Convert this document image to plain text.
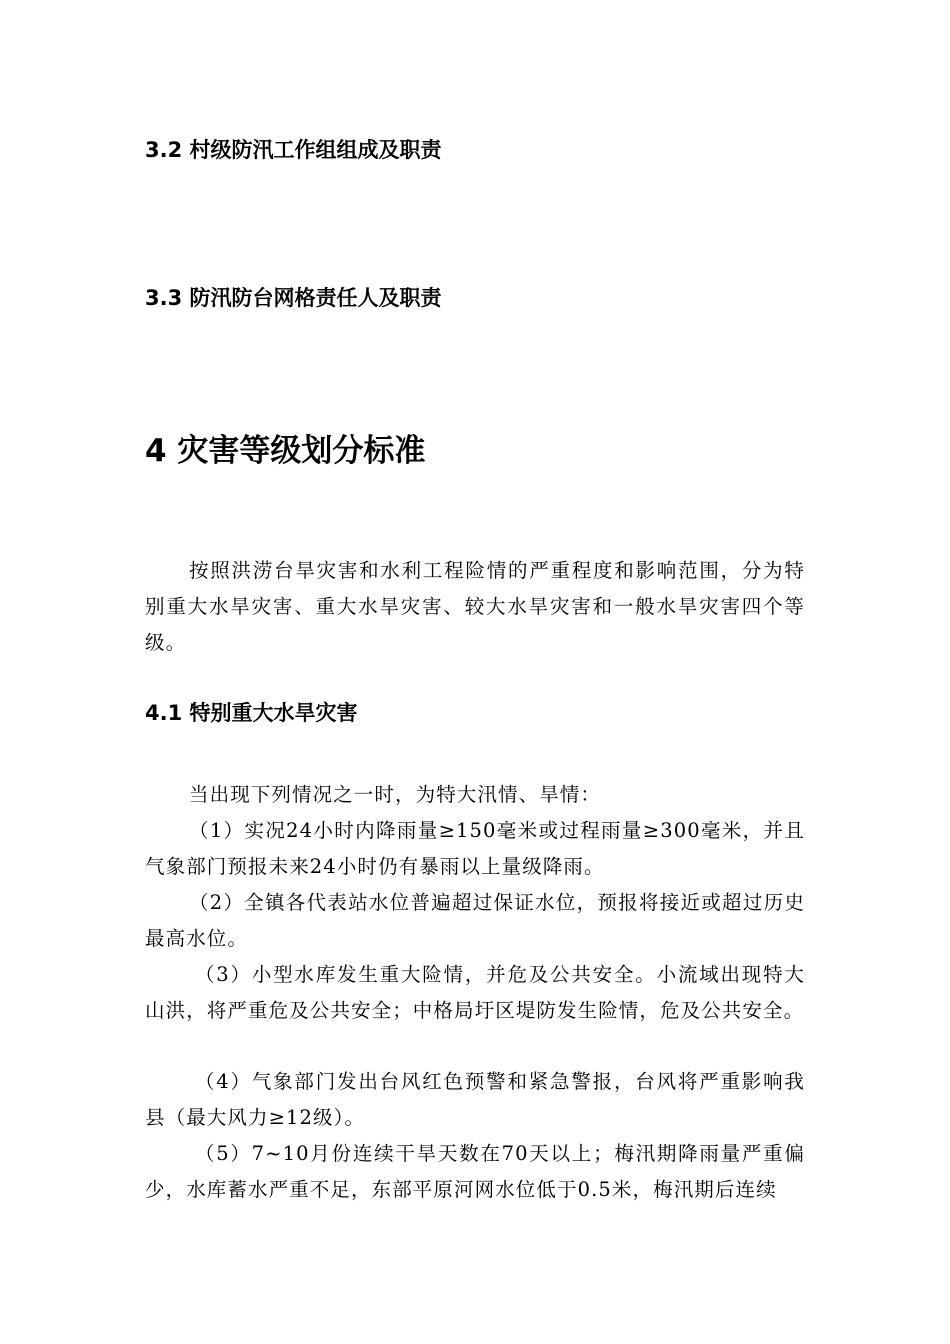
3.2 村级防汛工作组组成及职责
3.3 防汛防台网格责任人及职责
4 灾害等级划分标准

按照洪涝台旱灾害和水利工程险情的严重程度和影响范围，分为特别重大水旱灾害、重大水旱灾害、较大水旱灾害和一般水旱灾害四个等级。

4.1 特别重大水旱灾害

当出现下列情况之一时，为特大汛情、旱情：

（1）实况24小时内降雨量≥150毫米或过程雨量≥300毫米，并且气象部门预报未来24小时仍有暴雨以上量级降雨。

（2）全镇各代表站水位普遍超过保证水位，预报将接近或超过历史最高水位。

（3）小型水库发生重大险情，并危及公共安全。小流域出现特大山洪，将严重危及公共安全；中格局圩区堤防发生险情，危及公共安全。

（4）气象部门发出台风红色预警和紧急警报，台风将严重影响我县（最大风力≥12级）。

（5）7~10月份连续干旱天数在70天以上；梅汛期降雨量严重偏少，水库蓄水严重不足，东部平原河网水位低于0.5米，梅汛期后连续
